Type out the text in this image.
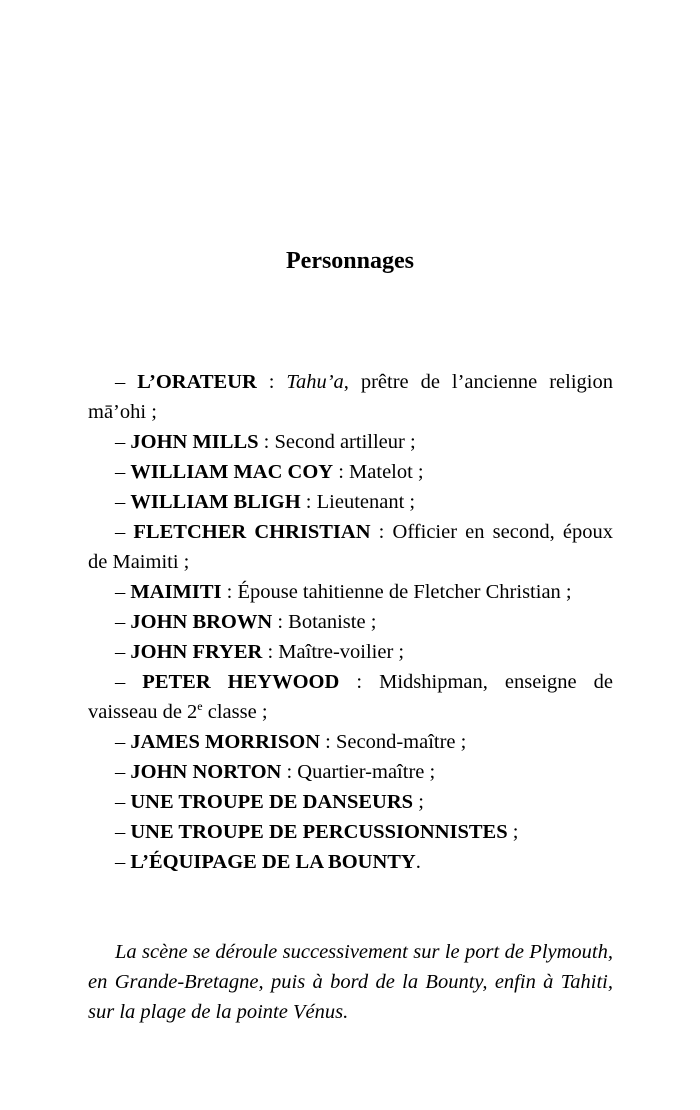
Personnages
– L’ORATEUR : Tahu’a, prêtre de l’ancienne religion mā’ohi ;
– JOHN MILLS : Second artilleur ;
– WILLIAM MAC COY : Matelot ;
– WILLIAM BLIGH : Lieutenant ;
– FLETCHER CHRISTIAN : Officier en second, époux de Maimiti ;
– MAIMITI : Épouse tahitienne de Fletcher Christian ;
– JOHN BROWN : Botaniste ;
– JOHN FRYER : Maître-voilier ;
– PETER HEYWOOD : Midshipman, enseigne de vaisseau de 2e classe ;
– JAMES MORRISON : Second-maître ;
– JOHN NORTON : Quartier-maître ;
– UNE TROUPE DE DANSEURS ;
– UNE TROUPE DE PERCUSSIONNISTES ;
– L’ÉQUIPAGE DE LA BOUNTY.

La scène se déroule successivement sur le port de Plymouth, en Grande-Bretagne, puis à bord de la Bounty, enfin à Tahiti, sur la plage de la pointe Vénus.
